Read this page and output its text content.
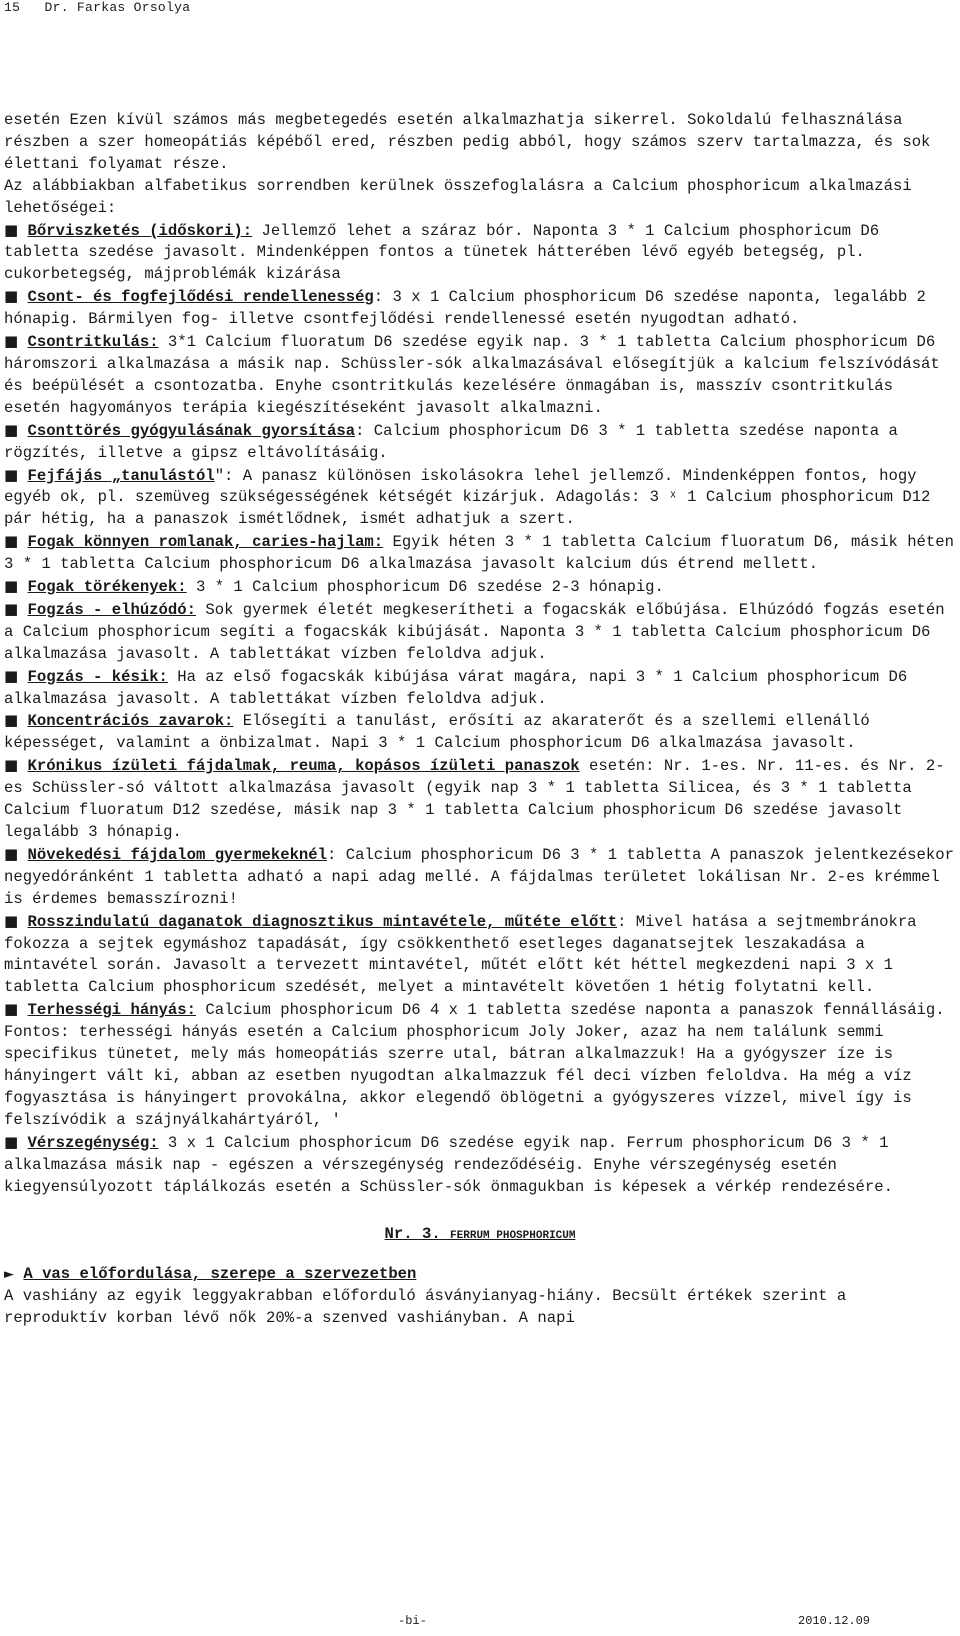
15 Dr. Farkas Orsolya
esetén Ezen kívül számos más megbetegedés esetén alkalmazhatja sikerrel. Sokoldalú felhasználása részben a szer homeopátiás képéből ered, részben pedig abból, hogy számos szerv tartalmazza, és sok élettani folyamat része.
Az alábbiakban alfabetikus sorrendben kerülnek összefoglalásra a Calcium phosphoricum alkalmazási lehetőségei:
■ Bőrviszketés (időskori): Jellemző lehet a száraz bór. Naponta 3 * 1 Calcium phosphoricum D6 tabletta szedése javasolt. Mindenképpen fontos a tünetek hátterében lévő egyéb betegség, pl. cukorbetegség, májproblémák kizárása
■ Csont- és fogfejlődési rendellenesség: 3 x 1 Calcium phosphoricum D6 szedése naponta, legalább 2 hónapig. Bármilyen fog- illetve csontfejlődési rendellenessé esetén nyugodtan adható.
■ Csontritkulás: 3*1 Calcium fluoratum D6 szedése egyik nap. 3 * 1 tabletta Calcium phosphoricum D6 háromszori alkalmazása a másik nap. Schüssler-sók alkalmazásával elősegítjük a kalcium felszívódását és beépülését a csontozatba. Enyhe csontritkulás kezelésére önmagában is, masszív csontritkulás esetén hagyományos terápia kiegészítéseként javasolt alkalmazni.
■ Csonttörés gyógyulásának gyorsítása: Calcium phosphoricum D6 3 * 1 tabletta szedése naponta a rögzítés, illetve a gipsz eltávolításáig.
■ Fejfájás „tanulástól": A panasz különösen iskolásokra lehel jellemző. Mindenképpen fontos, hogy egyéb ok, pl. szemüveg szükségességének kétségét kizárjuk. Adagolás: 3 ˣ 1 Calcium phosphoricum D12 pár hétig, ha a panaszok ismétlődnek, ismét adhatjuk a szert.
■ Fogak könnyen romlanak, caries-hajlam: Egyik héten 3 * 1 tabletta Calcium fluoratum D6, másik héten 3 * 1 tabletta Calcium phosphoricum D6 alkalmazása javasolt kalcium dús étrend mellett.
■ Fogak törékenyek: 3 * 1 Calcium phosphoricum D6 szedése 2-3 hónapig.
■ Fogzás - elhúzódó: Sok gyermek életét megkeserítheti a fogacskák előbújása. Elhúzódó fogzás esetén a Calcium phosphoricum segíti a fogacskák kibújását. Naponta 3 * 1 tabletta Calcium phosphoricum D6 alkalmazása javasolt. A tablettákat vízben feloldva adjuk.
■ Fogzás - késik: Ha az első fogacskák kibújása várat magára, napi 3 * 1 Calcium phosphoricum D6 alkalmazása javasolt. A tablettákat vízben feloldva adjuk.
■ Koncentrációs zavarok: Elősegíti a tanulást, erősíti az akaraterőt és a szellemi ellenálló képességet, valamint a önbizalmat. Napi 3 * 1 Calcium phosphoricum D6 alkalmazása javasolt.
■ Krónikus ízületi fájdalmak, reuma, kopásos ízületi panaszok esetén: Nr. 1-es. Nr. 11-es. és Nr. 2-es Schüssler-só váltott alkalmazása javasolt (egyik nap 3 * 1 tabletta Silicea, és 3 * 1 tabletta Calcium fluoratum D12 szedése, másik nap 3 * 1 tabletta Calcium phosphoricum D6 szedése javasolt legalább 3 hónapig.
■ Növekedési fájdalom gyermekeknél: Calcium phosphoricum D6 3 * 1 tabletta A panaszok jelentkezésekor negyedóránként 1 tabletta adható a napi adag mellé. A fájdalmas területet lokálisan Nr. 2-es krémmel is érdemes bemasszírozni!
■ Rosszindulatú daganatok diagnosztikus mintavétele, műtéte előtt: Mivel hatása a sejtmembránokra fokozza a sejtek egymáshoz tapadását, így csökkenthető esetleges daganatsejtek leszakadása a mintavétel során. Javasolt a tervezett mintavétel, műtét előtt két héttel megkezdeni napi 3 x 1 tabletta Calcium phosphoricum szedését, melyet a mintavételt követően 1 hétig folytatni kell.
■ Terhességi hányás: Calcium phosphoricum D6 4 x 1 tabletta szedése naponta a panaszok fennállásáig. Fontos: terhességi hányás esetén a Calcium phosphoricum Joly Joker, azaz ha nem találunk semmi specifikus tünetet, mely más homeopátiás szerre utal, bátran alkalmazzuk! Ha a gyógyszer íze is hányingert vált ki, abban az esetben nyugodtan alkalmazzuk fél deci vízben feloldva. Ha még a víz fogyasztása is hányingert provokálna, akkor elegendő öblögetni a gyógyszeres vízzel, mivel így is felszívódik a szájnyálkahártyáról, '
■ Vérszegénység: 3 x 1 Calcium phosphoricum D6 szedése egyik nap. Ferrum phosphoricum D6 3 * 1 alkalmazása másik nap - egészen a vérszegénység rendeződéséig. Enyhe vérszegénység esetén kiegyensúlyozott táplálkozás esetén a Schüssler-sók önmagukban is képesek a vérkép rendezésére.
Nr. 3. FERRUM PHOSPHORICUM
► A vas előfordulása, szerepe a szervezetben
A vashiány az egyik leggyakrabban előforduló ásványianyag-hiány. Becsült értékek szerint a reproduktív korban lévő nők 20%-a szenved vashiányban. A napi
-bi-	2010.12.09
